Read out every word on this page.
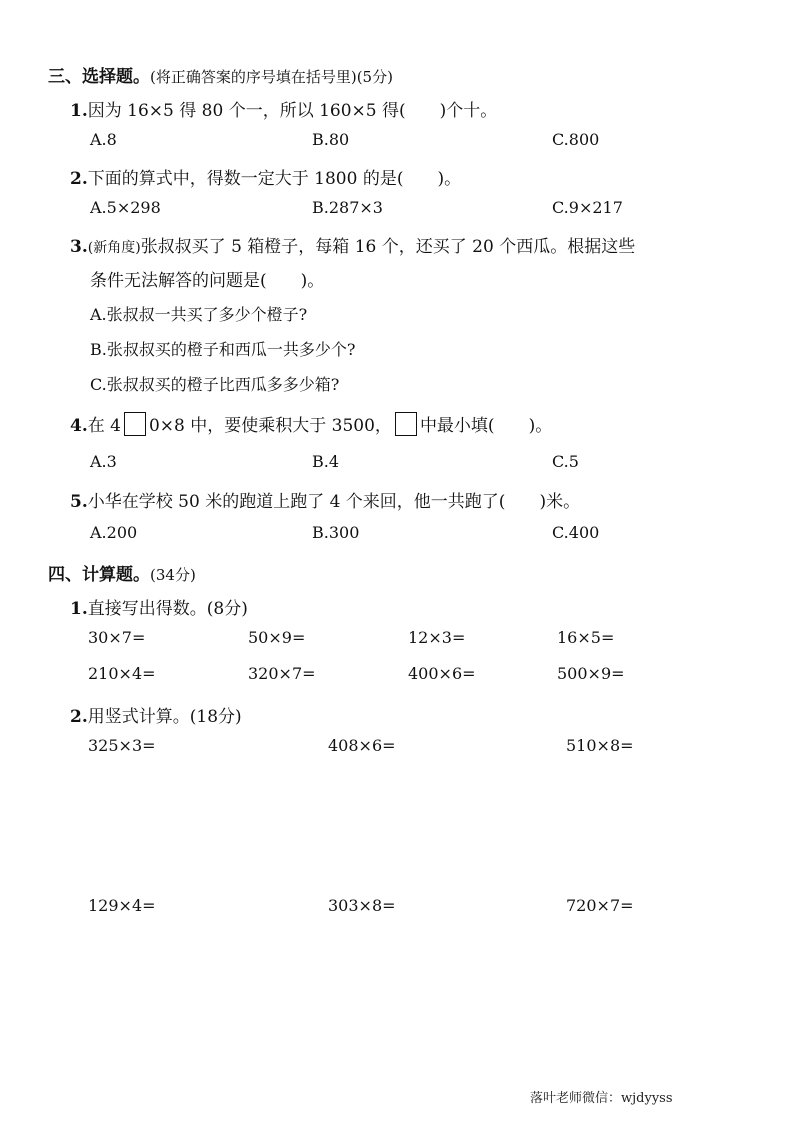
三、选择题。(将正确答案的序号填在括号里)(5分)
1.因为 16×5 得 80 个一，所以 160×5 得( )个十。
A.8	B.80	C.800
2.下面的算式中，得数一定大于 1800 的是( )。
A.5×298	B.287×3	C.9×217
3.(新角度)张叔叔买了 5 箱橙子，每箱 16 个，还买了 20 个西瓜。根据这些
条件无法解答的问题是( )。
A.张叔叔一共买了多少个橙子?
B.张叔叔买的橙子和西瓜一共多少个?
C.张叔叔买的橙子比西瓜多多少箱?
4.在 4 0×8 中，要使乘积大于 3500， 中最小填( )。
A.3	B.4	C.5
5.小华在学校 50 米的跑道上跑了 4 个来回，他一共跑了( )米。
A.200	B.300	C.400
四、计算题。(34分)
1.直接写出得数。(8分)
30×7=	50×9=	12×3=	16×5=
210×4=	320×7=	400×6=	500×9=
2.用竖式计算。(18分)
325×3=	408×6=	510×8=
129×4=	303×8=	720×7=
落叶老师微信：wjdyyss
